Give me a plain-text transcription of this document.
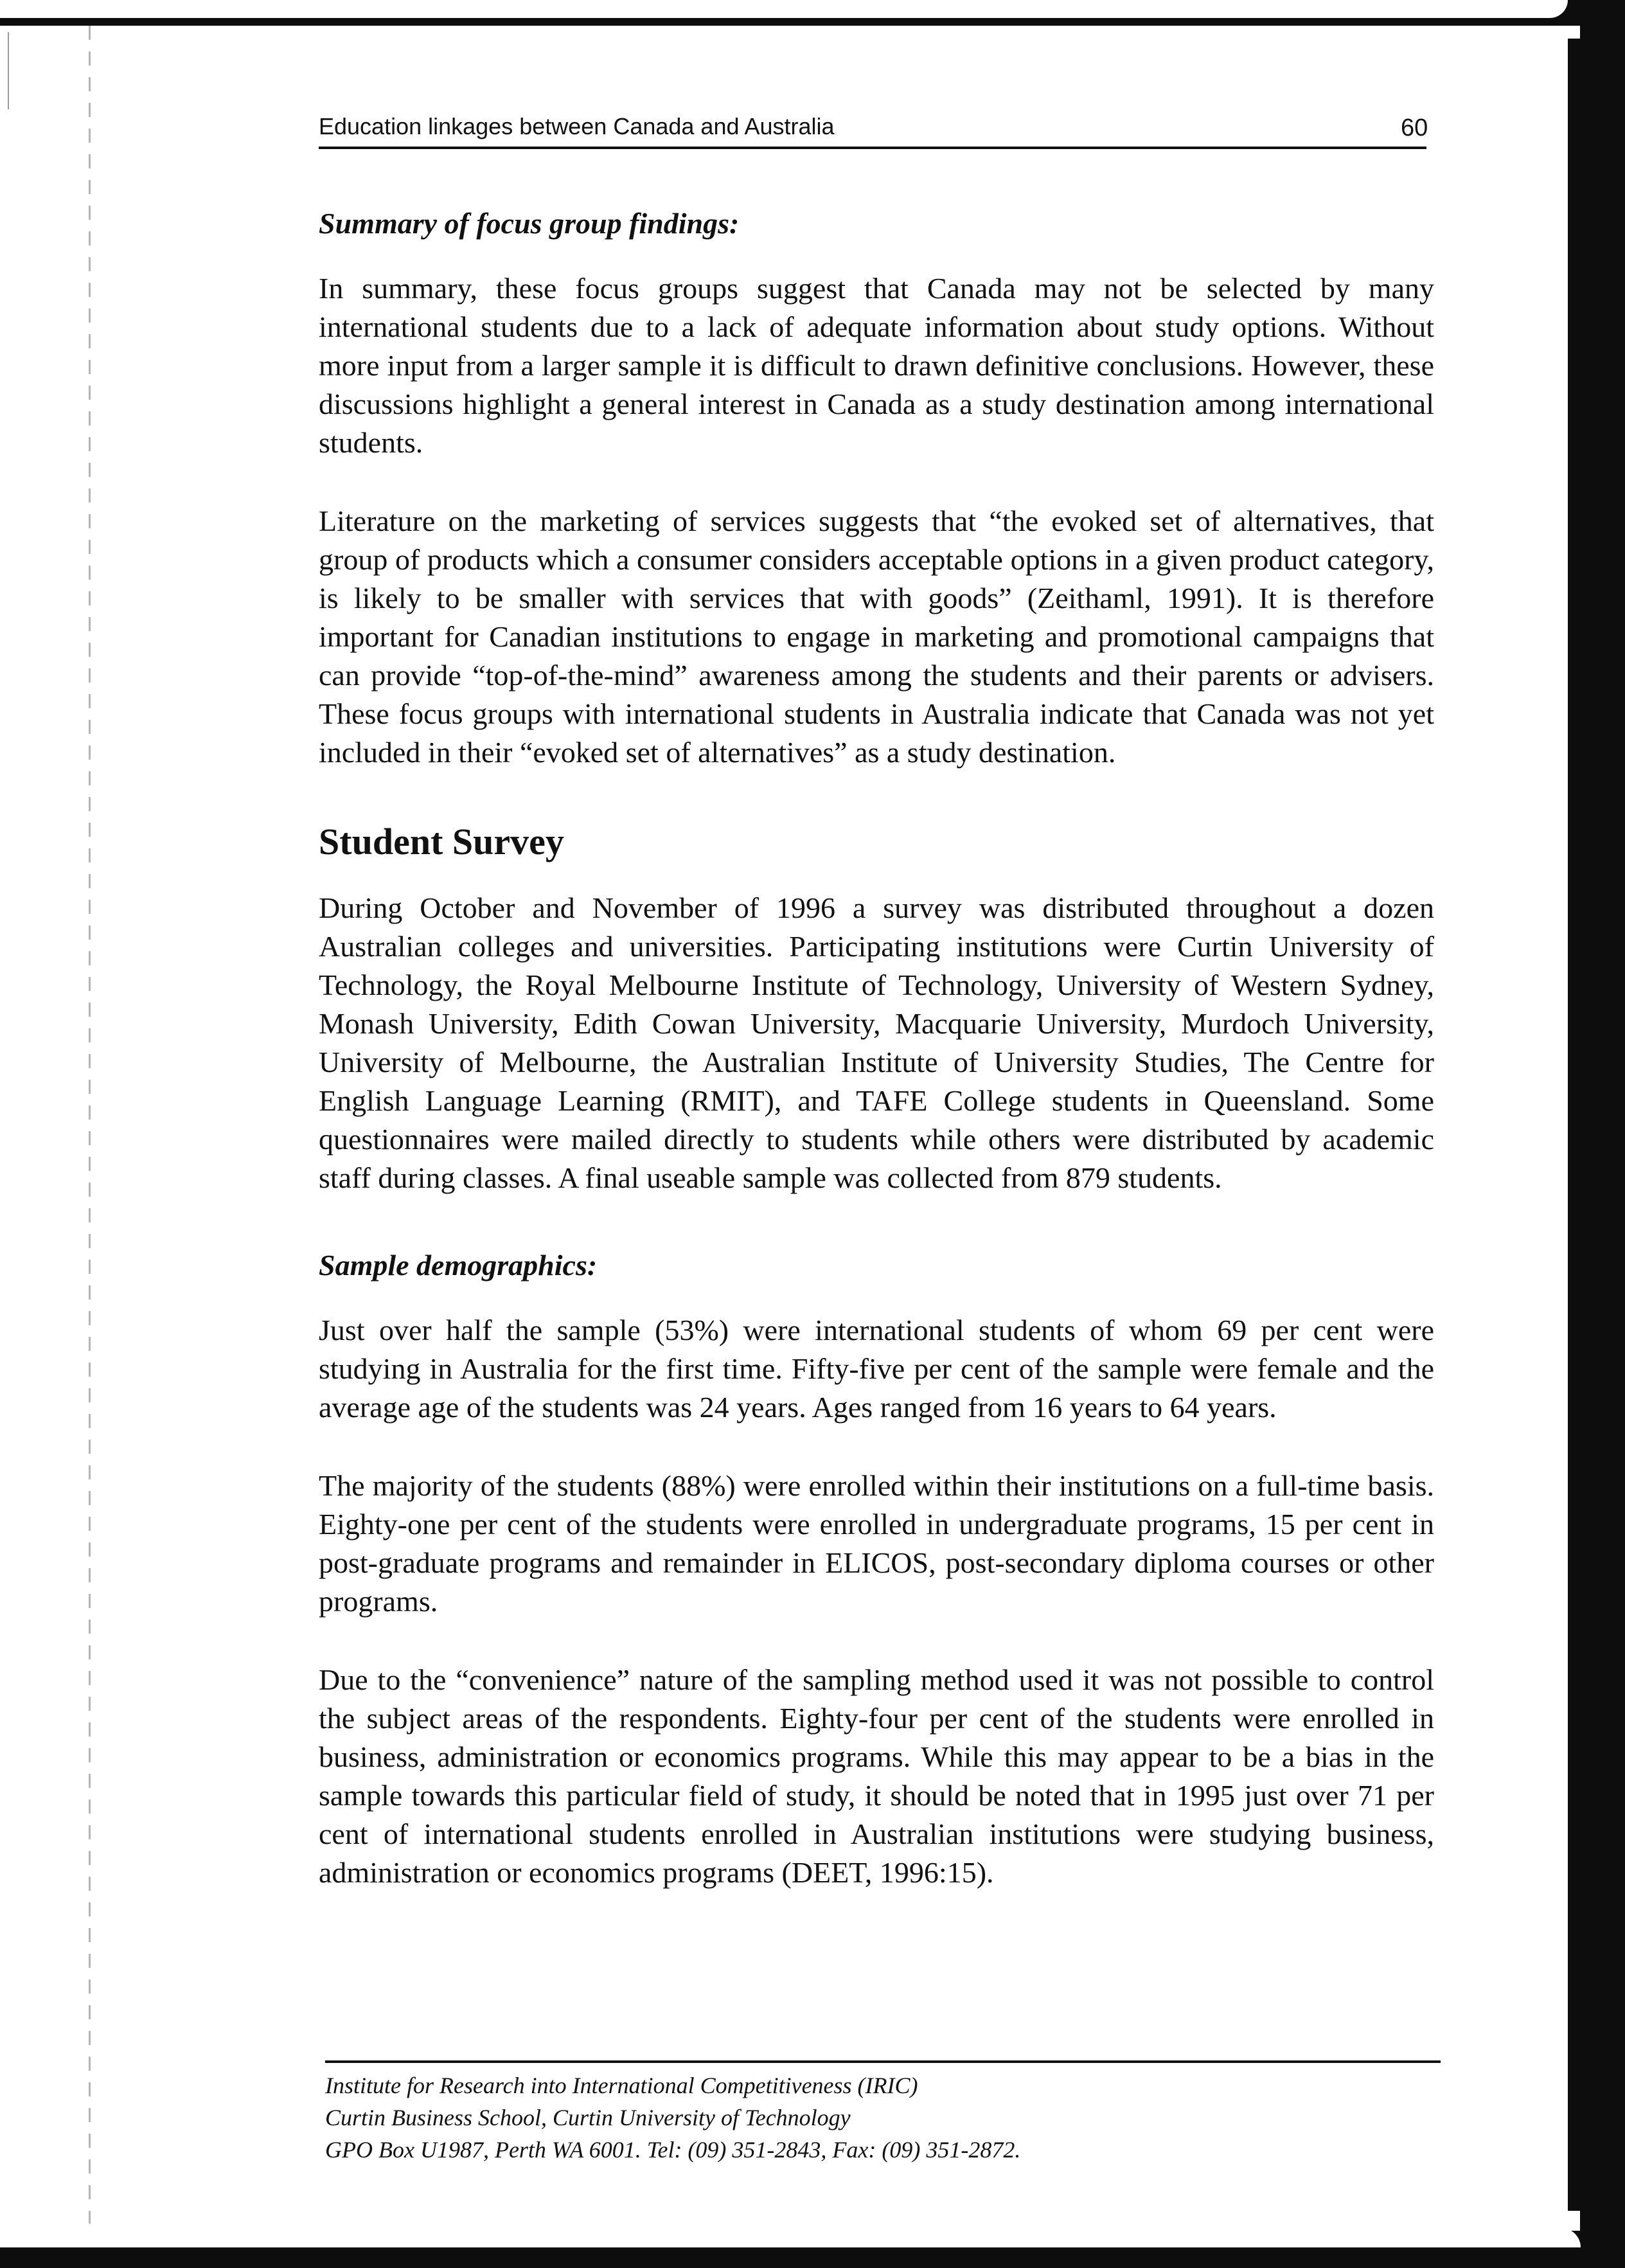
Education linkages between Canada and Australia	60
Summary of focus group findings:

In summary, these focus groups suggest that Canada may not be selected by many international students due to a lack of adequate information about study options. Without more input from a larger sample it is difficult to drawn definitive conclusions. However, these discussions highlight a general interest in Canada as a study destination among international students.

Literature on the marketing of services suggests that “the evoked set of alternatives, that group of products which a consumer considers acceptable options in a given product category, is likely to be smaller with services that with goods” (Zeithaml, 1991). It is therefore important for Canadian institutions to engage in marketing and promotional campaigns that can provide “top-of-the-mind” awareness among the students and their parents or advisers. These focus groups with international students in Australia indicate that Canada was not yet included in their “evoked set of alternatives” as a study destination.

Student Survey

During October and November of 1996 a survey was distributed throughout a dozen Australian colleges and universities. Participating institutions were Curtin University of Technology, the Royal Melbourne Institute of Technology, University of Western Sydney, Monash University, Edith Cowan University, Macquarie University, Murdoch University, University of Melbourne, the Australian Institute of University Studies, The Centre for English Language Learning (RMIT), and TAFE College students in Queensland. Some questionnaires were mailed directly to students while others were distributed by academic staff during classes. A final useable sample was collected from 879 students.

Sample demographics:

Just over half the sample (53%) were international students of whom 69 per cent were studying in Australia for the first time. Fifty-five per cent of the sample were female and the average age of the students was 24 years. Ages ranged from 16 years to 64 years.

The majority of the students (88%) were enrolled within their institutions on a full-time basis. Eighty-one per cent of the students were enrolled in undergraduate programs, 15 per cent in post-graduate programs and remainder in ELICOS, post-secondary diploma courses or other programs.

Due to the “convenience” nature of the sampling method used it was not possible to control the subject areas of the respondents. Eighty-four per cent of the students were enrolled in business, administration or economics programs. While this may appear to be a bias in the sample towards this particular field of study, it should be noted that in 1995 just over 71 per cent of international students enrolled in Australian institutions were studying business, administration or economics programs (DEET, 1996:15).

Institute for Research into International Competitiveness (IRIC)
Curtin Business School, Curtin University of Technology
GPO Box U1987, Perth WA 6001. Tel: (09) 351-2843, Fax: (09) 351-2872.
